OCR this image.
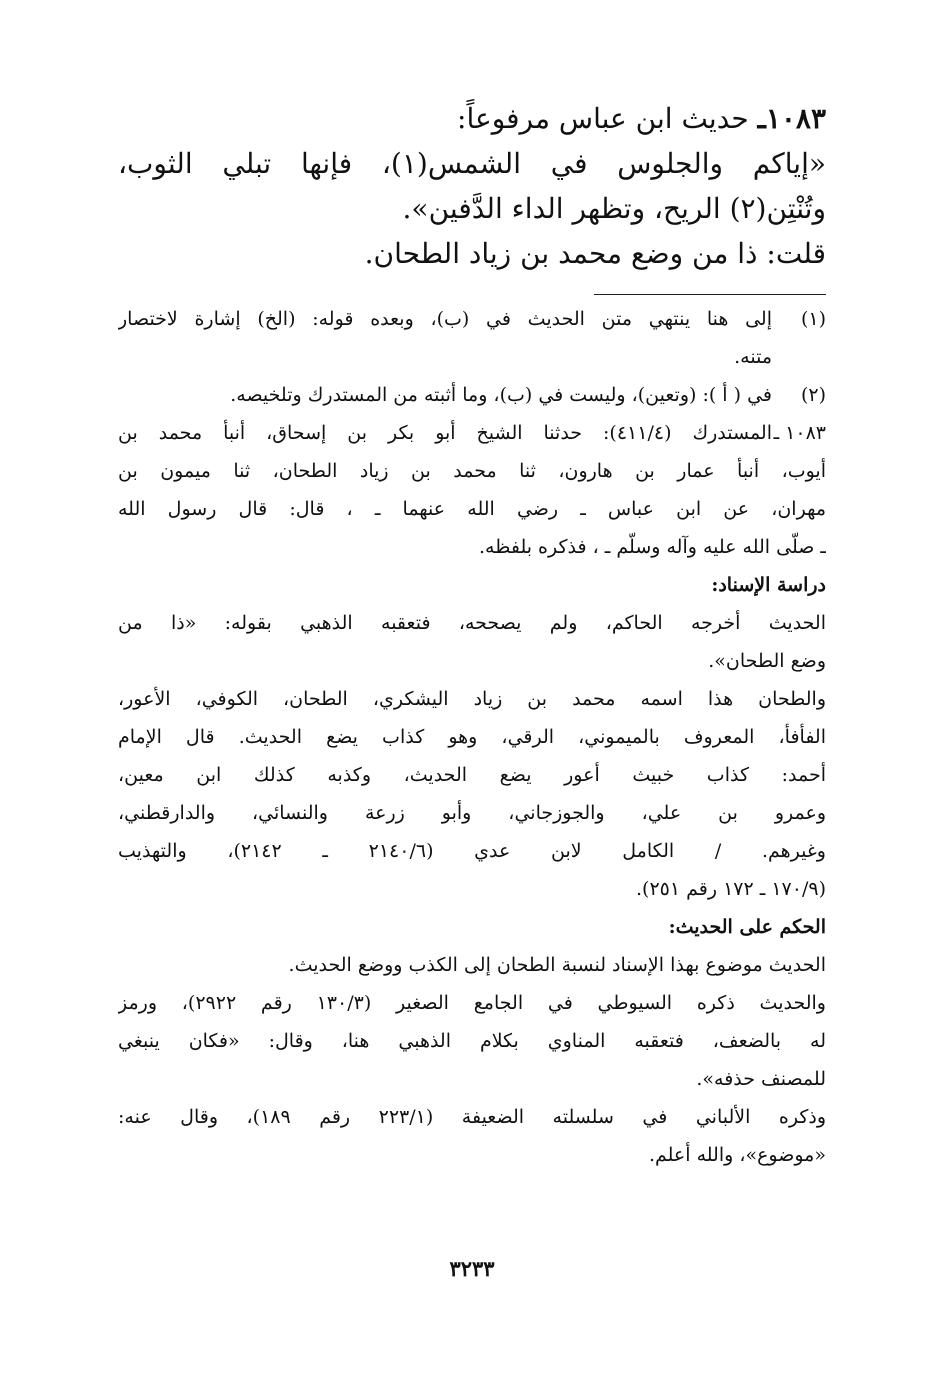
١٠٨٣ـ حديث ابن عباس مرفوعاً:

«إياكم والجلوس في الشمس(١)، فإنها تبلي الثوب،

وتُنْتِن(٢) الريح، وتظهر الداء الدَّفين».

قلت: ذا من وضع محمد بن زياد الطحان.

(١)

إلى هنا ينتهي متن الحديث في (ب)، وبعده قوله: (الخ) إشارة لاختصار
متنه.

(٢)

في ( أ ): (وتعين)، وليست في (ب)، وما أثبته من المستدرك وتلخيصه.

١٠٨٣ ـ

المستدرك (٤١١/٤): حدثنا الشيخ أبو بكر بن إسحاق، أنبأ محمد بن

أيوب، أنبأ عمار بن هارون، ثنا محمد بن زياد الطحان، ثنا ميمون بن
مهران، عن ابن عباس ـ رضي الله عنهما ـ ، قال: قال رسول الله
ـ صلّى الله عليه وآله وسلّم ـ ، فذكره بلفظه.

دراسة الإسناد:

الحديث أخرجه الحاكم، ولم يصححه، فتعقبه الذهبي بقوله: «ذا من
وضع الطحان».

والطحان هذا اسمه محمد بن زياد اليشكري، الطحان، الكوفي، الأعور،
الفأفأ، المعروف بالميموني، الرقي، وهو كذاب يضع الحديث. قال الإمام
أحمد: كذاب خبيث أعور يضع الحديث، وكذبه كذلك ابن معين،
وعمرو بن علي، والجوزجاني، وأبو زرعة والنسائي، والدارقطني،
وغيرهم. / الكامل لابن عدي (٢١٤٠/٦ ـ ٢١٤٢)، والتهذيب
(١٧٠/٩ ـ ١٧٢ رقم ٢٥١).

الحكم على الحديث:

الحديث موضوع بهذا الإسناد لنسبة الطحان إلى الكذب ووضع الحديث.

والحديث ذكره السيوطي في الجامع الصغير (١٣٠/٣ رقم ٢٩٢٢)، ورمز
له بالضعف، فتعقبه المناوي بكلام الذهبي هنا، وقال: «فكان ينبغي
للمصنف حذفه».

وذكره الألباني في سلسلته الضعيفة (٢٢٣/١ رقم ١٨٩)، وقال عنه:
«موضوع»، والله أعلم.

٣٢٣٣
